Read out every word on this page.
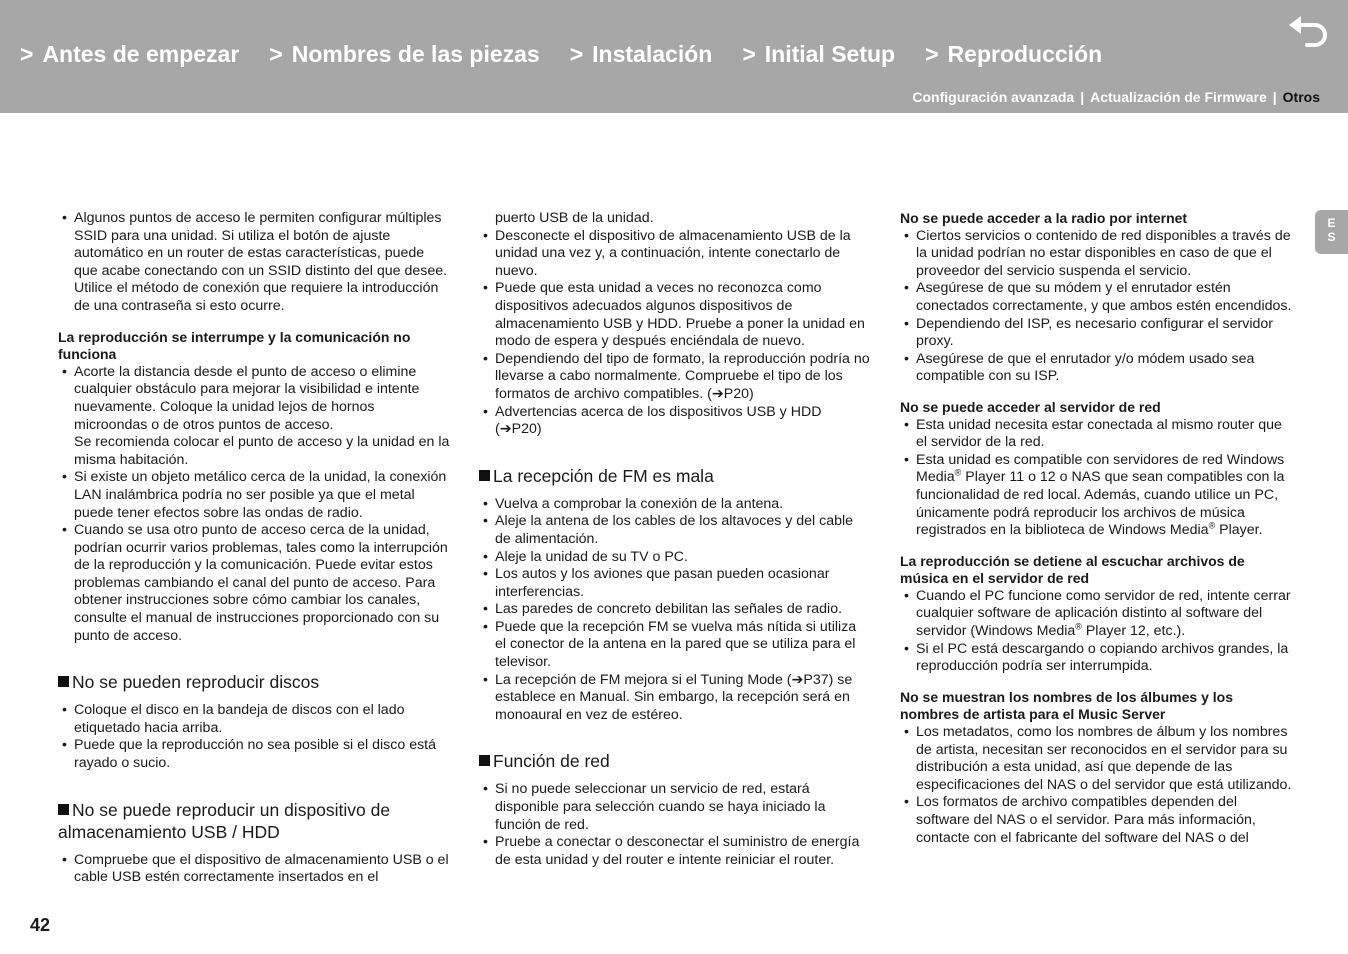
> Antes de empezar > Nombres de las piezas > Instalación > Initial Setup > Reproducción
Configuración avanzada | Actualización de Firmware | Otros
E
S
• Algunos puntos de acceso le permiten configurar múltiples SSID para una unidad. Si utiliza el botón de ajuste automático en un router de estas características, puede que acabe conectando con un SSID distinto del que desee. Utilice el método de conexión que requiere la introducción de una contraseña si esto ocurre.
La reproducción se interrumpe y la comunicación no funciona
• Acorte la distancia desde el punto de acceso o elimine cualquier obstáculo para mejorar la visibilidad e intente nuevamente. Coloque la unidad lejos de hornos microondas o de otros puntos de acceso.
Se recomienda colocar el punto de acceso y la unidad en la misma habitación.
• Si existe un objeto metálico cerca de la unidad, la conexión LAN inalámbrica podría no ser posible ya que el metal puede tener efectos sobre las ondas de radio.
• Cuando se usa otro punto de acceso cerca de la unidad, podrían ocurrir varios problemas, tales como la interrupción de la reproducción y la comunicación. Puede evitar estos problemas cambiando el canal del punto de acceso. Para obtener instrucciones sobre cómo cambiar los canales, consulte el manual de instrucciones proporcionado con su punto de acceso.
No se pueden reproducir discos
• Coloque el disco en la bandeja de discos con el lado etiquetado hacia arriba.
• Puede que la reproducción no sea posible si el disco está rayado o sucio.
No se puede reproducir un dispositivo de almacenamiento USB / HDD
• Compruebe que el dispositivo de almacenamiento USB o el cable USB estén correctamente insertados en el
puerto USB de la unidad.
• Desconecte el dispositivo de almacenamiento USB de la unidad una vez y, a continuación, intente conectarlo de nuevo.
• Puede que esta unidad a veces no reconozca como dispositivos adecuados algunos dispositivos de almacenamiento USB y HDD. Pruebe a poner la unidad en modo de espera y después enciéndala de nuevo.
• Dependiendo del tipo de formato, la reproducción podría no llevarse a cabo normalmente. Compruebe el tipo de los formatos de archivo compatibles. (➔P20)
• Advertencias acerca de los dispositivos USB y HDD (➔P20)
La recepción de FM es mala
• Vuelva a comprobar la conexión de la antena.
• Aleje la antena de los cables de los altavoces y del cable de alimentación.
• Aleje la unidad de su TV o PC.
• Los autos y los aviones que pasan pueden ocasionar interferencias.
• Las paredes de concreto debilitan las señales de radio.
• Puede que la recepción FM se vuelva más nítida si utiliza el conector de la antena en la pared que se utiliza para el televisor.
• La recepción de FM mejora si el Tuning Mode (➔P37) se establece en Manual. Sin embargo, la recepción será en monoaural en vez de estéreo.
Función de red
• Si no puede seleccionar un servicio de red, estará disponible para selección cuando se haya iniciado la función de red.
• Pruebe a conectar o desconectar el suministro de energía de esta unidad y del router e intente reiniciar el router.
No se puede acceder a la radio por internet
• Ciertos servicios o contenido de red disponibles a través de la unidad podrían no estar disponibles en caso de que el proveedor del servicio suspenda el servicio.
• Asegúrese de que su módem y el enrutador estén conectados correctamente, y que ambos estén encendidos.
• Dependiendo del ISP, es necesario configurar el servidor proxy.
• Asegúrese de que el enrutador y/o módem usado sea compatible con su ISP.
No se puede acceder al servidor de red
• Esta unidad necesita estar conectada al mismo router que el servidor de la red.
• Esta unidad es compatible con servidores de red Windows Media® Player 11 o 12 o NAS que sean compatibles con la funcionalidad de red local. Además, cuando utilice un PC, únicamente podrá reproducir los archivos de música registrados en la biblioteca de Windows Media® Player.
La reproducción se detiene al escuchar archivos de música en el servidor de red
• Cuando el PC funcione como servidor de red, intente cerrar cualquier software de aplicación distinto al software del servidor (Windows Media® Player 12, etc.).
• Si el PC está descargando o copiando archivos grandes, la reproducción podría ser interrumpida.
No se muestran los nombres de los álbumes y los nombres de artista para el Music Server
• Los metadatos, como los nombres de álbum y los nombres de artista, necesitan ser reconocidos en el servidor para su distribución a esta unidad, así que depende de las especificaciones del NAS o del servidor que está utilizando.
• Los formatos de archivo compatibles dependen del software del NAS o el servidor. Para más información, contacte con el fabricante del software del NAS o del
42
